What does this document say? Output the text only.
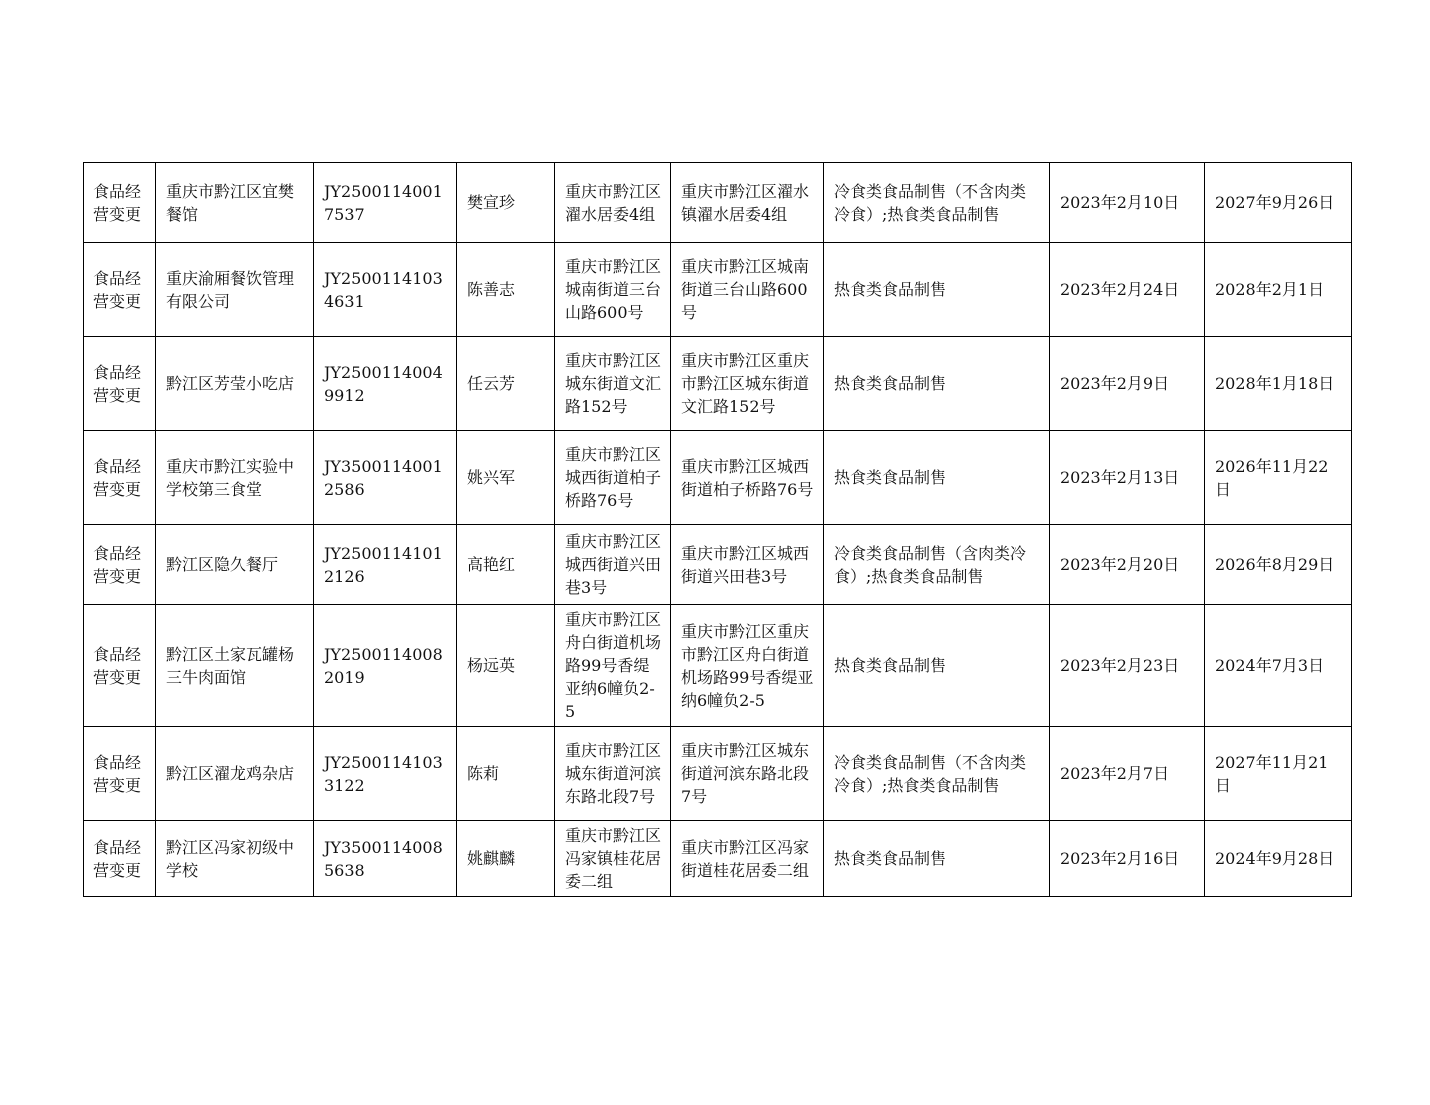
食品经营变更	重庆市黔江区宜樊餐馆	JY25001140017537	樊宣珍	重庆市黔江区濯水居委4组	重庆市黔江区濯水镇濯水居委4组	冷食类食品制售（不含肉类冷食）;热食类食品制售	2023年2月10日	2027年9月26日
食品经营变更	重庆渝厢餐饮管理有限公司	JY25001141034631	陈善志	重庆市黔江区城南街道三台山路600号	重庆市黔江区城南街道三台山路600号	热食类食品制售	2023年2月24日	2028年2月1日
食品经营变更	黔江区芳莹小吃店	JY25001140049912	任云芳	重庆市黔江区城东街道文汇路152号	重庆市黔江区重庆市黔江区城东街道文汇路152号	热食类食品制售	2023年2月9日	2028年1月18日
食品经营变更	重庆市黔江实验中学校第三食堂	JY35001140012586	姚兴军	重庆市黔江区城西街道柏子桥路76号	重庆市黔江区城西街道柏子桥路76号	热食类食品制售	2023年2月13日	2026年11月22日
食品经营变更	黔江区隐久餐厅	JY25001141012126	高艳红	重庆市黔江区城西街道兴田巷3号	重庆市黔江区城西街道兴田巷3号	冷食类食品制售（含肉类冷食）;热食类食品制售	2023年2月20日	2026年8月29日
食品经营变更	黔江区土家瓦罐杨三牛肉面馆	JY25001140082019	杨远英	重庆市黔江区舟白街道机场路99号香缇亚纳6幢负2-5	重庆市黔江区重庆市黔江区舟白街道机场路99号香缇亚纳6幢负2-5	热食类食品制售	2023年2月23日	2024年7月3日
食品经营变更	黔江区濯龙鸡杂店	JY25001141033122	陈莉	重庆市黔江区城东街道河滨东路北段7号	重庆市黔江区城东街道河滨东路北段7号	冷食类食品制售（不含肉类冷食）;热食类食品制售	2023年2月7日	2027年11月21日
食品经营变更	黔江区冯家初级中学校	JY35001140085638	姚麒麟	重庆市黔江区冯家镇桂花居委二组	重庆市黔江区冯家街道桂花居委二组	热食类食品制售	2023年2月16日	2024年9月28日
